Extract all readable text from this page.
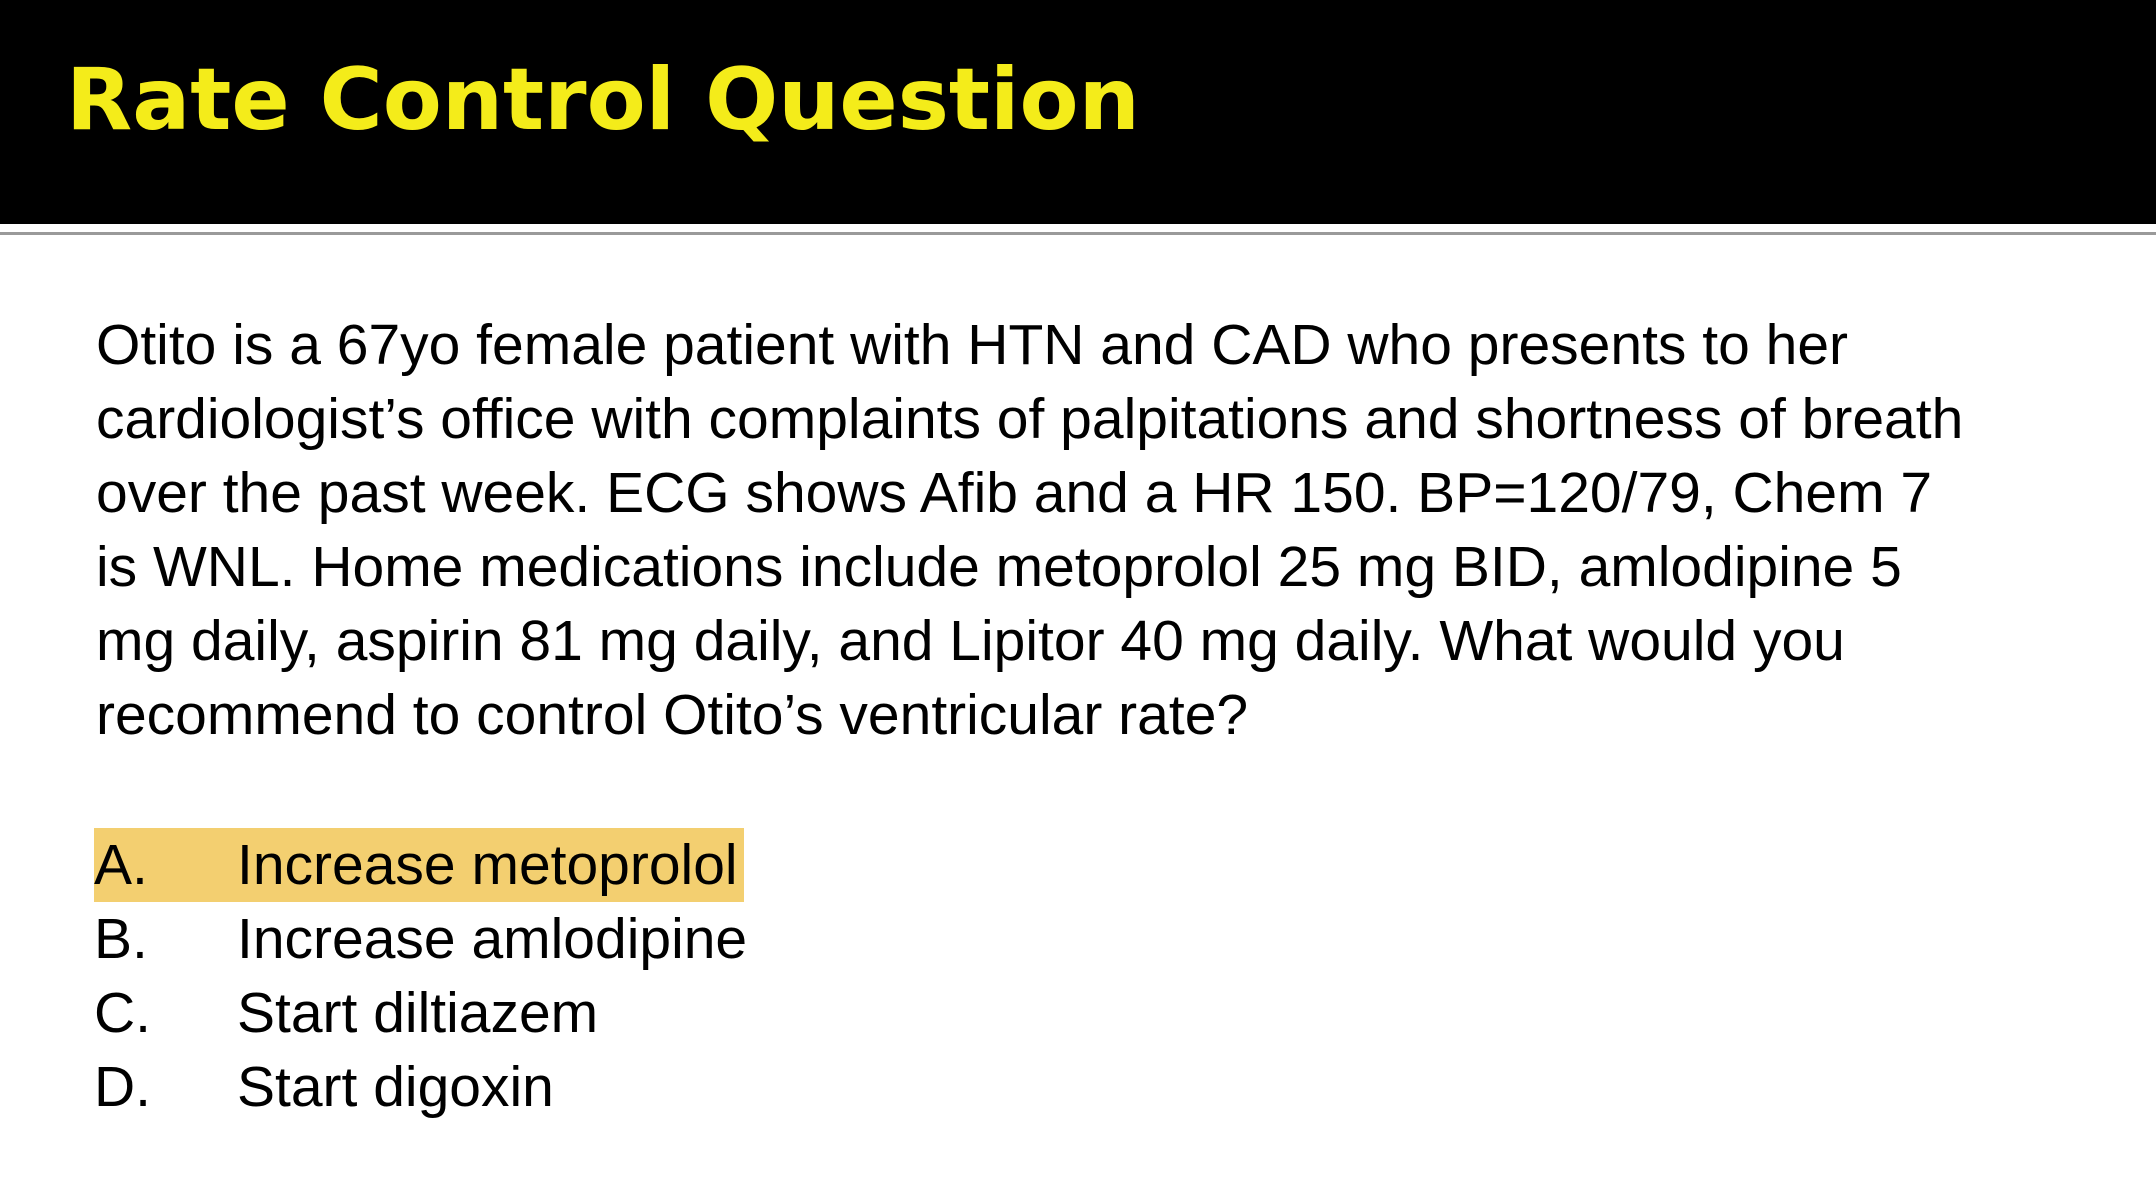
Rate Control Question
Otito is a 67yo female patient with HTN and CAD who presents to her
cardiologist’s office with complaints of palpitations and shortness of breath
over the past week. ECG shows Afib and a HR 150. BP=120/79, Chem 7
is WNL. Home medications include metoprolol 25 mg BID, amlodipine 5
mg daily, aspirin 81 mg daily, and Lipitor 40 mg daily. What would you
recommend to control Otito’s ventricular rate?
A. Increase metoprolol
B. Increase amlodipine
C. Start diltiazem
D. Start digoxin
